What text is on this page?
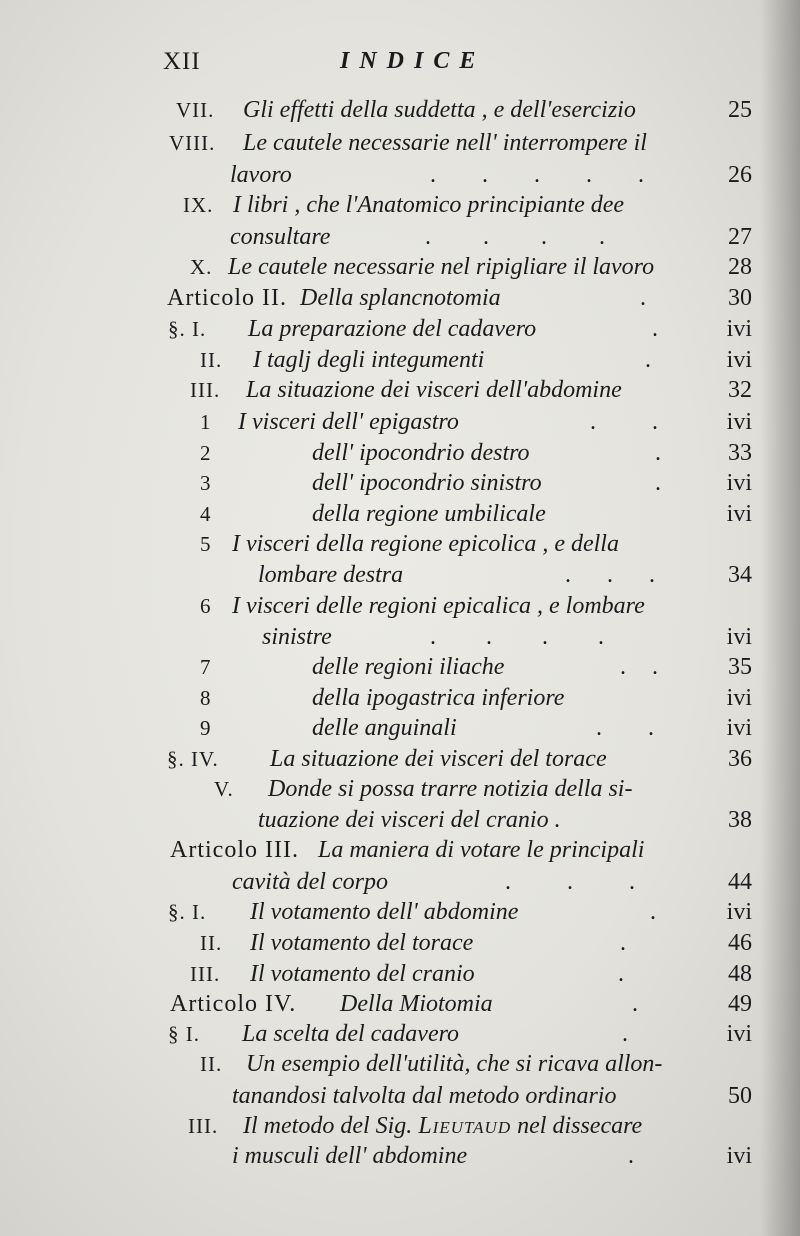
XII	INDICE
VII. Gli effetti della suddetta , e dell'esercizio	25
VIII. Le cautele necessarie nell' interrompere il
lavoro	. . . . .	26
IX. I libri , che l'Anatomico principiante dee
consultare	. . . .	27
X. Le cautele necessarie nel ripigliare il lavoro	28
Articolo II. Della splancnotomia	.	30
§. I. La preparazione del cadavero	.	ivi
II. I taglj degli integumenti	.	ivi
III. La situazione dei visceri dell'abdomine	32
1 I visceri dell' epigastro	. .	ivi
2	dell' ipocondrio destro	.	33
3	dell' ipocondrio sinistro	.	ivi
4	della regione umbilicale	ivi
5 I visceri della regione epicolica , e della
lombare destra	. . .	34
6 I visceri delle regioni epicalica , e lombare
sinistre	. . . .	ivi
7	delle regioni iliache	. .	35
8	della ipogastrica inferiore	ivi
9	delle anguinali	. .	ivi
§. IV. La situazione dei visceri del torace	36
V. Donde si possa trarre notizia della si-
tuazione dei visceri del cranio .	38
Articolo III. La maniera di votare le principali
cavità del corpo	. . .	44
§. I. Il votamento dell' abdomine	.	ivi
II. Il votamento del torace	.	46
III. Il votamento del cranio	.	48
Articolo IV. Della Miotomia	.	49
§ I. La scelta del cadavero	.	ivi
II. Un esempio dell'utilità, che si ricava allon-
tanandosi talvolta dal metodo ordinario	50
III. Il metodo del Sig. Lieutaud nel dissecare
i musculi dell' abdomine	.	ivi
